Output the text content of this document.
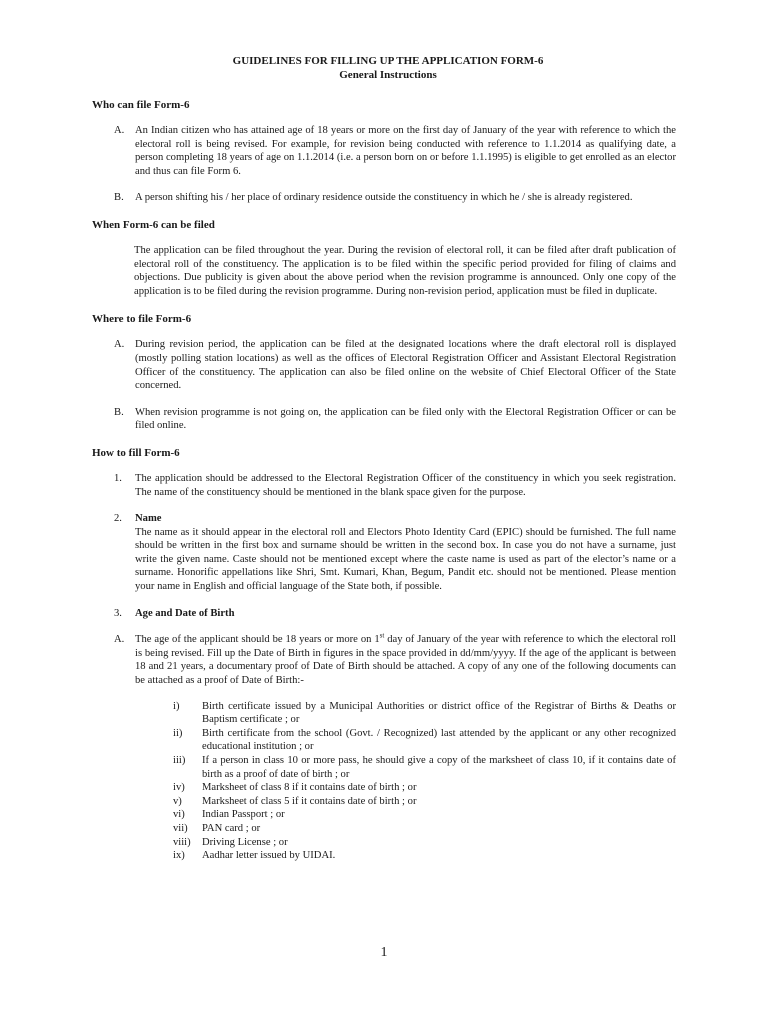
GUIDELINES FOR FILLING UP THE APPLICATION FORM-6
General Instructions
Who can file Form-6
A.	An Indian citizen who has attained age of 18 years or more on the first day of January of the year with reference to which the electoral roll is being revised. For example, for revision being conducted with reference to 1.1.2014 as qualifying date, a person completing 18 years of age on 1.1.2014 (i.e. a person born on or before 1.1.1995) is eligible to get enrolled as an elector and thus can file Form 6.
B.	A person shifting his / her place of ordinary residence outside the constituency in which he / she is already registered.
When Form-6 can be filed

The application can be filed throughout the year. During the revision of electoral roll, it can be filed after draft publication of electoral roll of the constituency. The application is to be filed within the specific period provided for filing of claims and objections. Due publicity is given about the above period when the revision programme is announced. Only one copy of the application is to be filed during the revision programme. During non-revision period, application must be filed in duplicate.

Where to file Form-6
A.	During revision period, the application can be filed at the designated locations where the draft electoral roll is displayed (mostly polling station locations) as well as the offices of Electoral Registration Officer and Assistant Electoral Registration Officer of the constituency. The application can also be filed online on the website of Chief Electoral Officer of the State concerned.
B.	When revision programme is not going on, the application can be filed only with the Electoral Registration Officer or can be filed online.
How to fill Form-6
1.	The application should be addressed to the Electoral Registration Officer of the constituency in which you seek registration. The name of the constituency should be mentioned in the blank space given for the purpose.
2.	Name
The name as it should appear in the electoral roll and Electors Photo Identity Card (EPIC) should be furnished. The full name should be written in the first box and surname should be written in the second box. In case you do not have a surname, just write the given name. Caste should not be mentioned except where the caste name is used as part of the elector’s name or a surname. Honorific appellations like Shri, Smt. Kumari, Khan, Begum, Pandit etc. should not be mentioned. Please mention your name in English and official language of the State both, if possible.
3.	Age and Date of Birth
A.	The age of the applicant should be 18 years or more on 1st day of January of the year with reference to which the electoral roll is being revised. Fill up the Date of Birth in figures in the space provided in dd/mm/yyyy. If the age of the applicant is between 18 and 21 years, a documentary proof of Date of Birth should be attached. A copy of any one of the following documents can be attached as a proof of Date of Birth:-
i)	Birth certificate issued by a Municipal Authorities or district office of the Registrar of Births & Deaths or Baptism certificate ; or
ii)	Birth certificate from the school (Govt. / Recognized) last attended by the applicant or any other recognized educational institution ; or
iii)	If a person in class 10 or more pass, he should give a copy of the marksheet of class 10, if it contains date of birth as a proof of date of birth ; or
iv)	Marksheet of class 8 if it contains date of birth ; or
v)	Marksheet of class 5 if it contains date of birth ; or
vi)	Indian Passport ; or
vii)	PAN card ; or
viii)	Driving License ; or
ix)	Aadhar letter issued by UIDAI.
1
